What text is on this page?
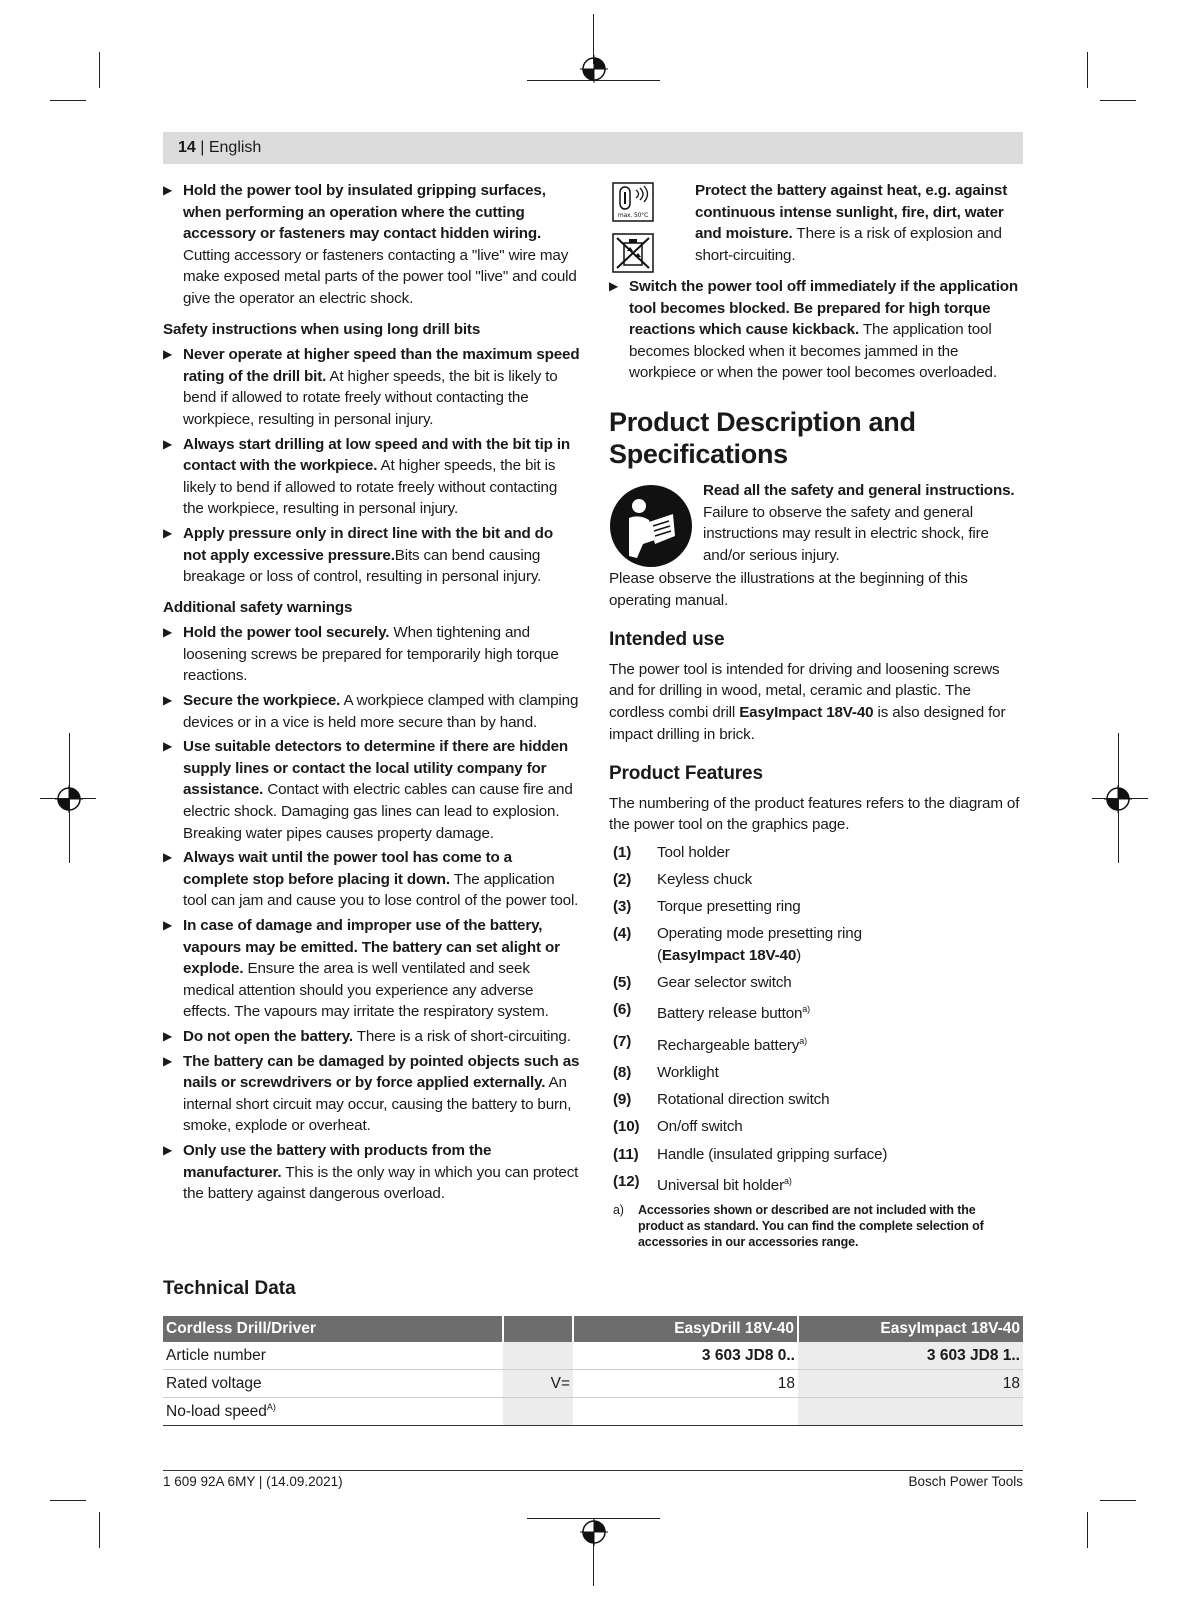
14 | English
▶ Hold the power tool by insulated gripping surfaces, when performing an operation where the cutting accessory or fasteners may contact hidden wiring. Cutting accessory or fasteners contacting a "live" wire may make exposed metal parts of the power tool "live" and could give the operator an electric shock.
Safety instructions when using long drill bits
▶ Never operate at higher speed than the maximum speed rating of the drill bit. At higher speeds, the bit is likely to bend if allowed to rotate freely without contacting the workpiece, resulting in personal injury.
▶ Always start drilling at low speed and with the bit tip in contact with the workpiece. At higher speeds, the bit is likely to bend if allowed to rotate freely without contacting the workpiece, resulting in personal injury.
▶ Apply pressure only in direct line with the bit and do not apply excessive pressure.Bits can bend causing breakage or loss of control, resulting in personal injury.
Additional safety warnings
▶ Hold the power tool securely. When tightening and loosening screws be prepared for temporarily high torque reactions.
▶ Secure the workpiece. A workpiece clamped with clamping devices or in a vice is held more secure than by hand.
▶ Use suitable detectors to determine if there are hidden supply lines or contact the local utility company for assistance. Contact with electric cables can cause fire and electric shock. Damaging gas lines can lead to explosion. Breaking water pipes causes property damage.
▶ Always wait until the power tool has come to a complete stop before placing it down. The application tool can jam and cause you to lose control of the power tool.
▶ In case of damage and improper use of the battery, vapours may be emitted. The battery can set alight or explode. Ensure the area is well ventilated and seek medical attention should you experience any adverse effects. The vapours may irritate the respiratory system.
▶ Do not open the battery. There is a risk of short-circuiting.
▶ The battery can be damaged by pointed objects such as nails or screwdrivers or by force applied externally. An internal short circuit may occur, causing the battery to burn, smoke, explode or overheat.
▶ Only use the battery with products from the manufacturer. This is the only way in which you can protect the battery against dangerous overload.
max. 50°C

Protect the battery against heat, e.g. against continuous intense sunlight, fire, dirt, water and moisture. There is a risk of explosion and short-circuiting.
▶ Switch the power tool off immediately if the application tool becomes blocked. Be prepared for high torque reactions which cause kickback. The application tool becomes blocked when it becomes jammed in the workpiece or when the power tool becomes overloaded.
Product Description and Specifications
Read all the safety and general instructions. Failure to observe the safety and general instructions may result in electric shock, fire and/or serious injury.
Please observe the illustrations at the beginning of this operating manual.
Intended use
The power tool is intended for driving and loosening screws and for drilling in wood, metal, ceramic and plastic. The cordless combi drill EasyImpact 18V-40 is also designed for impact drilling in brick.
Product Features
The numbering of the product features refers to the diagram of the power tool on the graphics page.
(1)	Tool holder
(2)	Keyless chuck
(3)	Torque presetting ring
(4)	Operating mode presetting ring
(EasyImpact 18V-40)
(5)	Gear selector switch
(6)	Battery release button$^{a)}$
(7)	Rechargeable battery$^{a)}$
(8)	Worklight
(9)	Rotational direction switch
(10)	On/off switch
(11)	Handle (insulated gripping surface)
(12)	Universal bit holder$^{a)}$
a)	Accessories shown or described are not included with the product as standard. You can find the complete selection of accessories in our accessories range.
Technical Data
Cordless Drill/Driver		EasyDrill 18V-40	EasyImpact 18V-40
Article number		3 603 JD8 0..	3 603 JD8 1..
Rated voltage	V=	18	18
No-load speed$^{A)}$			
1 609 92A 6MY | (14.09.2021)	Bosch Power Tools
